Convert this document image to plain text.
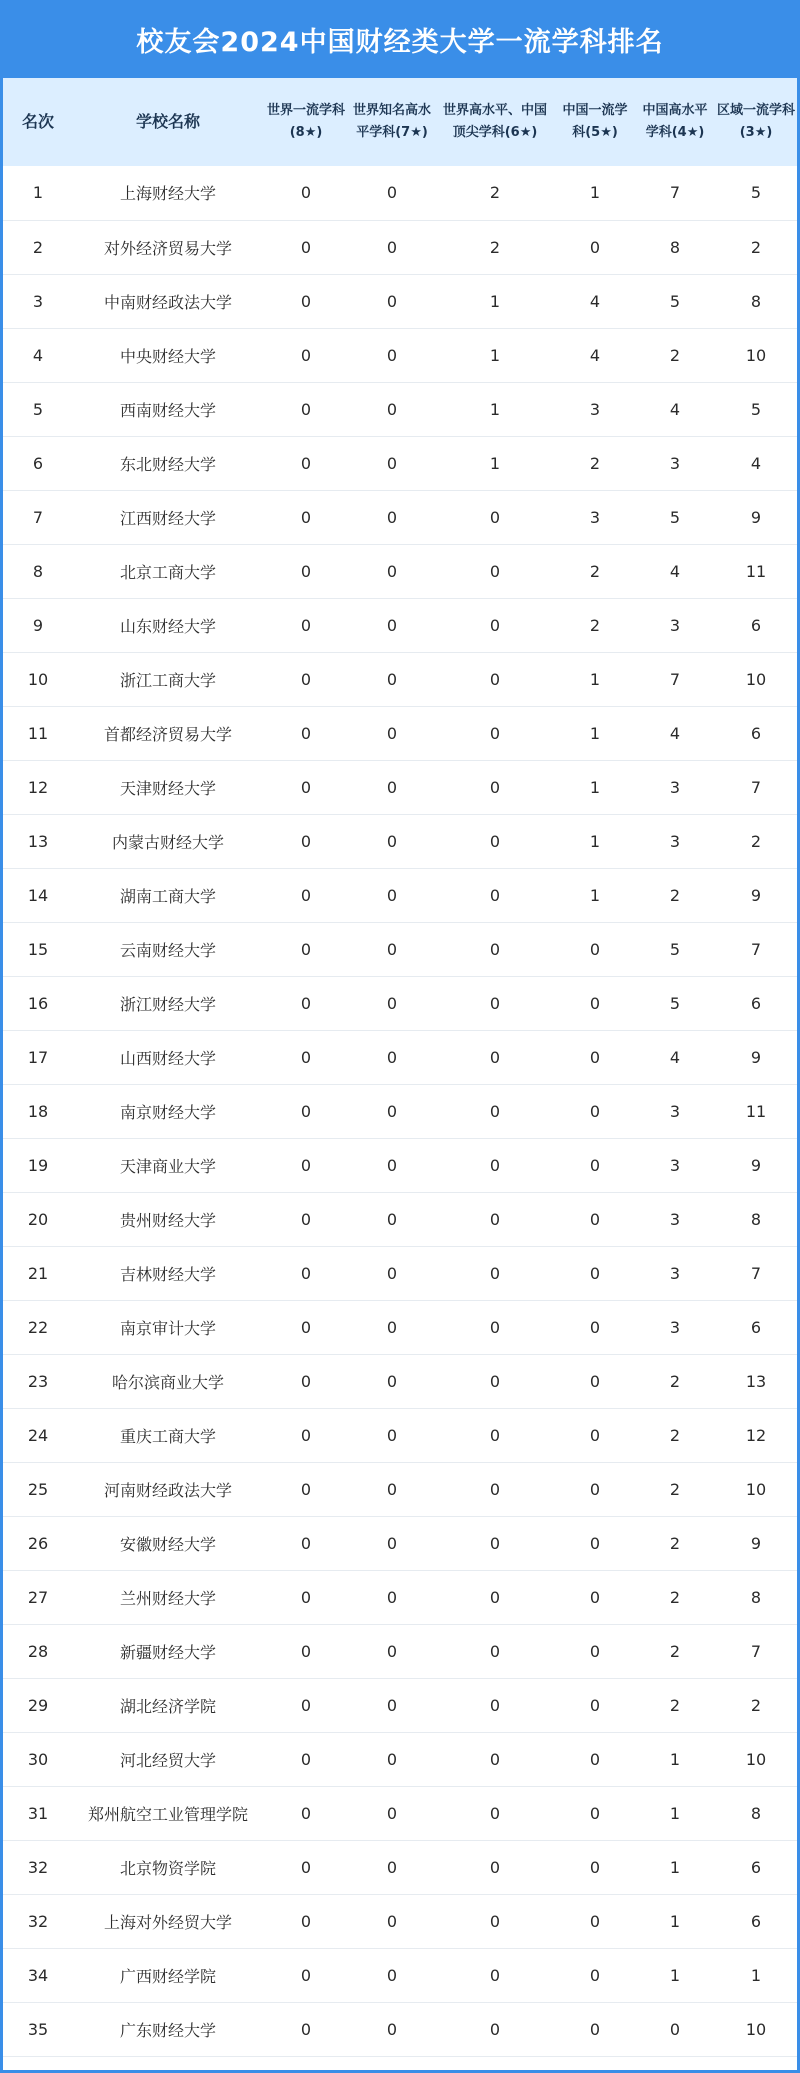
校友会2024中国财经类大学一流学科排名
名次	学校名称	世界一流学科(8★)	世界知名高水平学科(7★)	世界高水平、中国顶尖学科(6★)	中国一流学科(5★)	中国高水平学科(4★)	区域一流学科(3★)
1	上海财经大学	0	0	2	1	7	5
2	对外经济贸易大学	0	0	2	0	8	2
3	中南财经政法大学	0	0	1	4	5	8
4	中央财经大学	0	0	1	4	2	10
5	西南财经大学	0	0	1	3	4	5
6	东北财经大学	0	0	1	2	3	4
7	江西财经大学	0	0	0	3	5	9
8	北京工商大学	0	0	0	2	4	11
9	山东财经大学	0	0	0	2	3	6
10	浙江工商大学	0	0	0	1	7	10
11	首都经济贸易大学	0	0	0	1	4	6
12	天津财经大学	0	0	0	1	3	7
13	内蒙古财经大学	0	0	0	1	3	2
14	湖南工商大学	0	0	0	1	2	9
15	云南财经大学	0	0	0	0	5	7
16	浙江财经大学	0	0	0	0	5	6
17	山西财经大学	0	0	0	0	4	9
18	南京财经大学	0	0	0	0	3	11
19	天津商业大学	0	0	0	0	3	9
20	贵州财经大学	0	0	0	0	3	8
21	吉林财经大学	0	0	0	0	3	7
22	南京审计大学	0	0	0	0	3	6
23	哈尔滨商业大学	0	0	0	0	2	13
24	重庆工商大学	0	0	0	0	2	12
25	河南财经政法大学	0	0	0	0	2	10
26	安徽财经大学	0	0	0	0	2	9
27	兰州财经大学	0	0	0	0	2	8
28	新疆财经大学	0	0	0	0	2	7
29	湖北经济学院	0	0	0	0	2	2
30	河北经贸大学	0	0	0	0	1	10
31	郑州航空工业管理学院	0	0	0	0	1	8
32	北京物资学院	0	0	0	0	1	6
32	上海对外经贸大学	0	0	0	0	1	6
34	广西财经学院	0	0	0	0	1	1
35	广东财经大学	0	0	0	0	0	10
